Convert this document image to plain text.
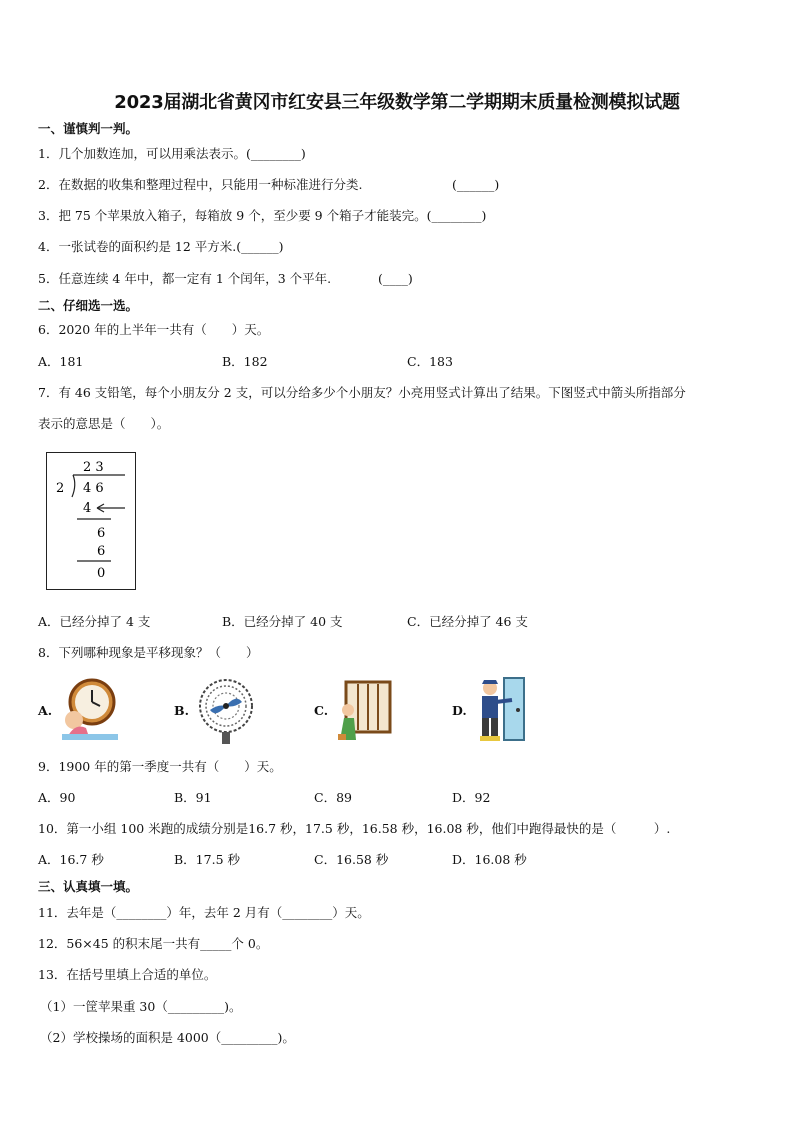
2023届湖北省黄冈市红安县三年级数学第二学期期末质量检测模拟试题
一、谨慎判一判。
1．几个加数连加，可以用乘法表示。(________)
2．在数据的收集和整理过程中，只能用一种标准进行分类.	(______)
3．把 75 个苹果放入箱子，每箱放 9 个，至少要 9 个箱子才能装完。(________)
4．一张试卷的面积约是 12 平方米.(______)
5．任意连续 4 年中，都一定有 1 个闰年，3 个平年.	(____)
二、仔细选一选。
6．2020 年的上半年一共有（　　）天。
A．181	B．182	C．183
7．有 46 支铅笔，每个小朋友分 2 支，可以分给多少个小朋友？小亮用竖式计算出了结果。下图竖式中箭头所指部分
表示的意思是（　　）。
2 3
2 4 6
4
6
6
0
A．已经分掉了 4 支	B．已经分掉了 40 支	C．已经分掉了 46 支
8．下列哪种现象是平移现象？（　　）
A.	B.	C.	D.
9．1900 年的第一季度一共有（　　）天。
A．90	B．91	C．89	D．92
10．第一小组 100 米跑的成绩分别是16.7 秒，17.5 秒，16.58 秒，16.08 秒，他们中跑得最快的是（　　　）.
A．16.7 秒	B．17.5 秒	C．16.58 秒	D．16.08 秒
三、认真填一填。
11．去年是（________）年，去年 2 月有（________）天。
12．56×45 的积末尾一共有_____个 0。
13．在括号里填上合适的单位。
（1）一筐苹果重 30（_________)。
（2）学校操场的面积是 4000（_________)。
